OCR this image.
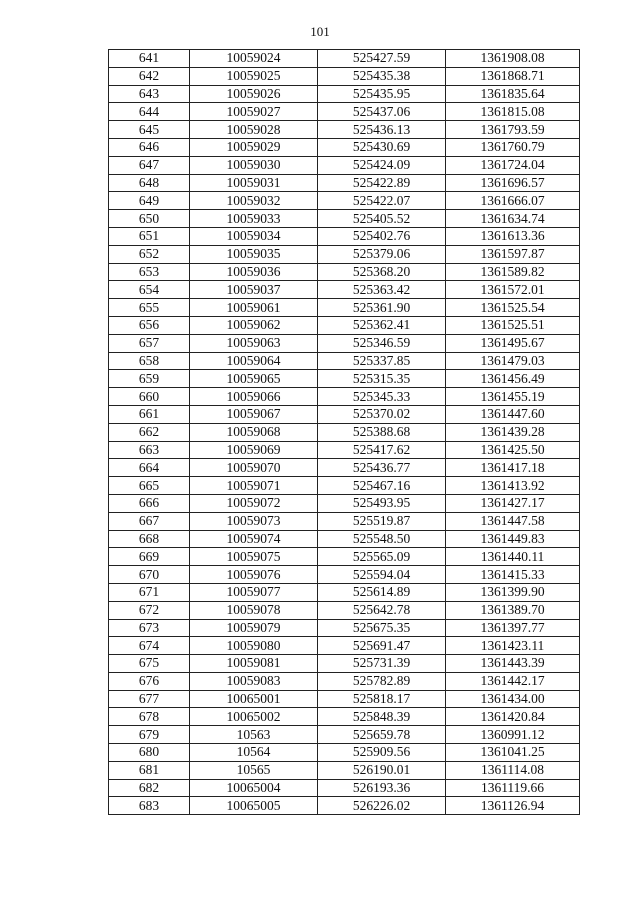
101
641	10059024	525427.59	1361908.08
642	10059025	525435.38	1361868.71
643	10059026	525435.95	1361835.64
644	10059027	525437.06	1361815.08
645	10059028	525436.13	1361793.59
646	10059029	525430.69	1361760.79
647	10059030	525424.09	1361724.04
648	10059031	525422.89	1361696.57
649	10059032	525422.07	1361666.07
650	10059033	525405.52	1361634.74
651	10059034	525402.76	1361613.36
652	10059035	525379.06	1361597.87
653	10059036	525368.20	1361589.82
654	10059037	525363.42	1361572.01
655	10059061	525361.90	1361525.54
656	10059062	525362.41	1361525.51
657	10059063	525346.59	1361495.67
658	10059064	525337.85	1361479.03
659	10059065	525315.35	1361456.49
660	10059066	525345.33	1361455.19
661	10059067	525370.02	1361447.60
662	10059068	525388.68	1361439.28
663	10059069	525417.62	1361425.50
664	10059070	525436.77	1361417.18
665	10059071	525467.16	1361413.92
666	10059072	525493.95	1361427.17
667	10059073	525519.87	1361447.58
668	10059074	525548.50	1361449.83
669	10059075	525565.09	1361440.11
670	10059076	525594.04	1361415.33
671	10059077	525614.89	1361399.90
672	10059078	525642.78	1361389.70
673	10059079	525675.35	1361397.77
674	10059080	525691.47	1361423.11
675	10059081	525731.39	1361443.39
676	10059083	525782.89	1361442.17
677	10065001	525818.17	1361434.00
678	10065002	525848.39	1361420.84
679	10563	525659.78	1360991.12
680	10564	525909.56	1361041.25
681	10565	526190.01	1361114.08
682	10065004	526193.36	1361119.66
683	10065005	526226.02	1361126.94
